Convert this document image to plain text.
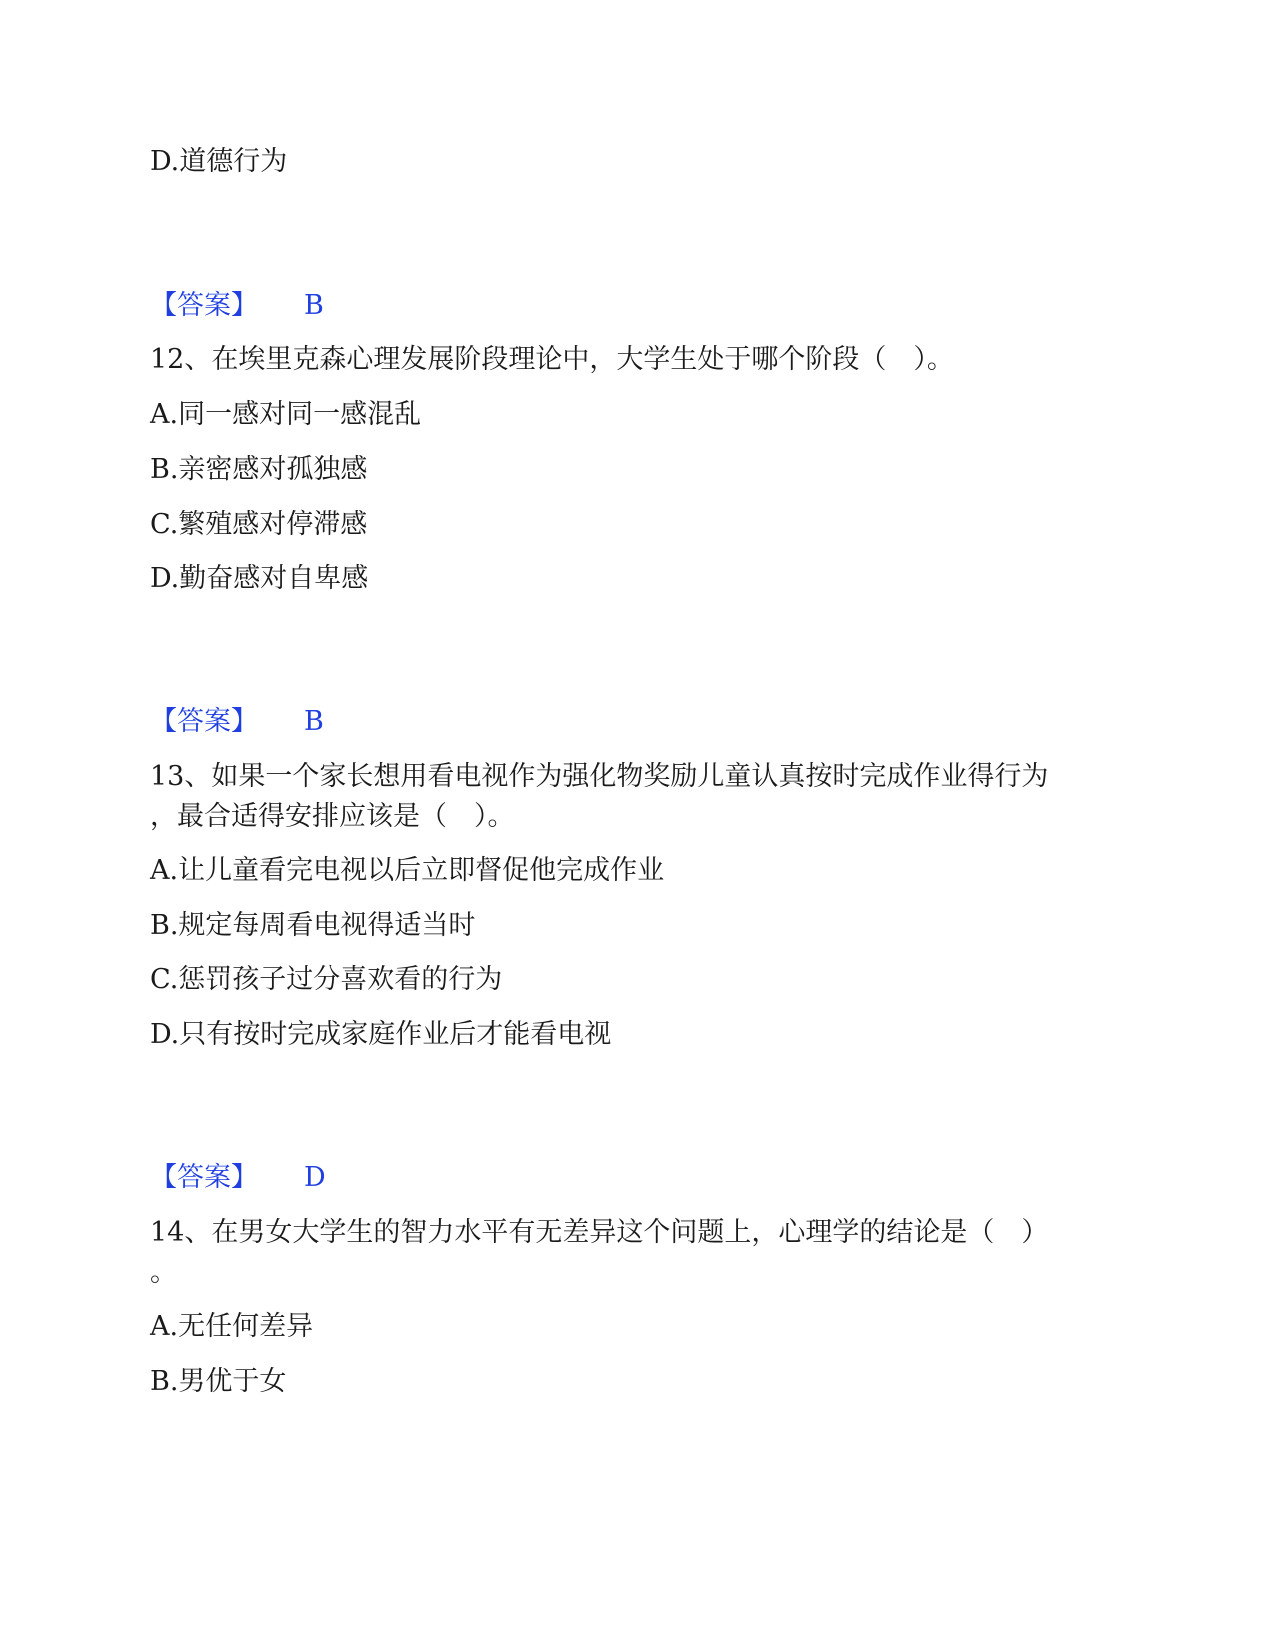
D.道德行为
【答案】 B
12、在埃里克森心理发展阶段理论中，大学生处于哪个阶段（　）。
A.同一感对同一感混乱
B.亲密感对孤独感
C.繁殖感对停滞感
D.勤奋感对自卑感
【答案】 B
13、如果一个家长想用看电视作为强化物奖励儿童认真按时完成作业得行为
，最合适得安排应该是（　）。
A.让儿童看完电视以后立即督促他完成作业
B.规定每周看电视得适当时
C.惩罚孩子过分喜欢看的行为
D.只有按时完成家庭作业后才能看电视
【答案】 D
14、在男女大学生的智力水平有无差异这个问题上，心理学的结论是（　）
。
A.无任何差异
B.男优于女
